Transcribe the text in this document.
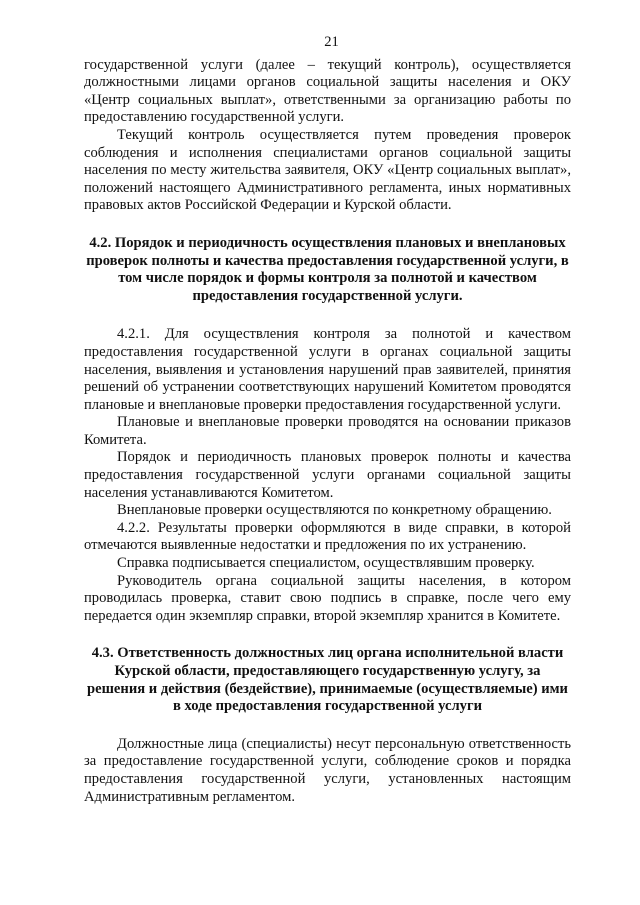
21

государственной услуги (далее – текущий контроль), осуществляется должностными лицами органов социальной защиты населения и ОКУ «Центр социальных выплат», ответственными за организацию работы по предоставлению государственной услуги.

Текущий контроль осуществляется путем проведения проверок соблюдения и исполнения специалистами органов социальной защиты населения по месту жительства заявителя, ОКУ «Центр социальных выплат», положений настоящего Административного регламента, иных нормативных правовых актов Российской Федерации и Курской области.

4.2. Порядок и периодичность осуществления плановых и внеплановых проверок полноты и качества предоставления государственной услуги, в том числе порядок и формы контроля за полнотой и качеством предоставления государственной услуги.

4.2.1. Для осуществления контроля за полнотой и качеством предоставления государственной услуги в органах социальной защиты населения, выявления и установления нарушений прав заявителей, принятия решений об устранении соответствующих нарушений Комитетом проводятся плановые и внеплановые проверки предоставления государственной услуги.

Плановые и внеплановые проверки проводятся на основании приказов Комитета.

Порядок и периодичность плановых проверок полноты и качества предоставления государственной услуги органами социальной защиты населения устанавливаются Комитетом.

Внеплановые проверки осуществляются по конкретному обращению.

4.2.2. Результаты проверки оформляются в виде справки, в которой отмечаются выявленные недостатки и предложения по их устранению.

Справка подписывается специалистом, осуществлявшим проверку.

Руководитель органа социальной защиты населения, в котором проводилась проверка, ставит свою подпись в справке, после чего ему передается один экземпляр справки, второй экземпляр хранится в Комитете.

4.3. Ответственность должностных лиц органа исполнительной власти Курской области, предоставляющего государственную услугу, за решения и действия (бездействие), принимаемые (осуществляемые) ими в ходе предоставления государственной услуги

Должностные лица (специалисты) несут персональную ответственность за предоставление государственной услуги, соблюдение сроков и порядка предоставления государственной услуги, установленных настоящим Административным регламентом.
